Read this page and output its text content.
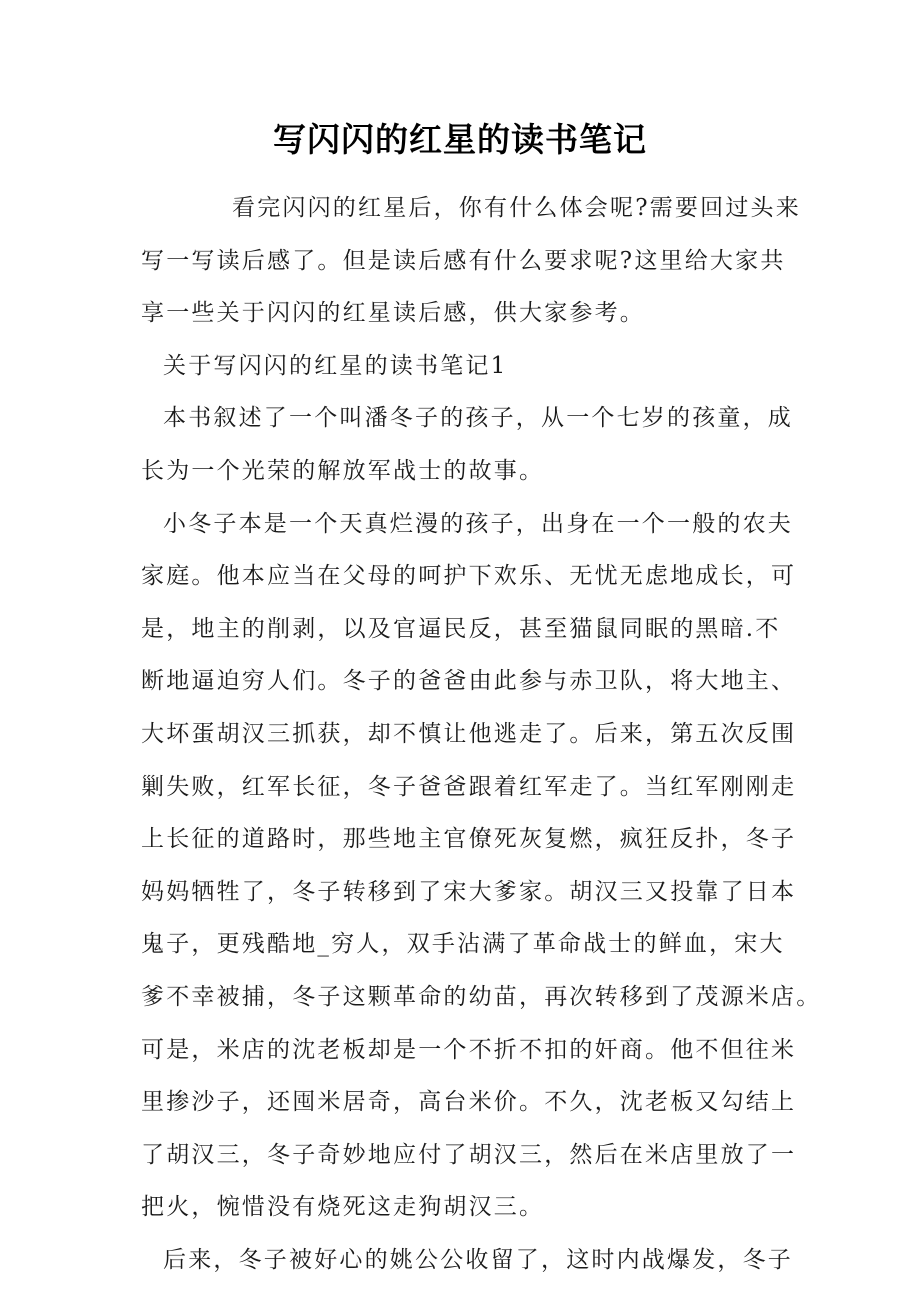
写闪闪的红星的读书笔记
看完闪闪的红星后，你有什么体会呢?需要回过头来
写一写读后感了。但是读后感有什么要求呢?这里给大家共
享一些关于闪闪的红星读后感，供大家参考。
关于写闪闪的红星的读书笔记1
本书叙述了一个叫潘冬子的孩子，从一个七岁的孩童，成
长为一个光荣的解放军战士的故事。
小冬子本是一个天真烂漫的孩子，出身在一个一般的农夫
家庭。他本应当在父母的呵护下欢乐、无忧无虑地成长，可
是，地主的削剥，以及官逼民反，甚至猫鼠同眠的黑暗.不
断地逼迫穷人们。冬子的爸爸由此参与赤卫队，将大地主、
大坏蛋胡汉三抓获，却不慎让他逃走了。后来，第五次反围
剿失败，红军长征，冬子爸爸跟着红军走了。当红军刚刚走
上长征的道路时，那些地主官僚死灰复燃，疯狂反扑，冬子
妈妈牺牲了，冬子转移到了宋大爹家。胡汉三又投靠了日本
鬼子，更残酷地_穷人，双手沾满了革命战士的鲜血，宋大
爹不幸被捕，冬子这颗革命的幼苗，再次转移到了茂源米店。
可是，米店的沈老板却是一个不折不扣的奸商。他不但往米
里掺沙子，还囤米居奇，高台米价。不久，沈老板又勾结上
了胡汉三，冬子奇妙地应付了胡汉三，然后在米店里放了一
把火，惋惜没有烧死这走狗胡汉三。
后来，冬子被好心的姚公公收留了，这时内战爆发，冬子
